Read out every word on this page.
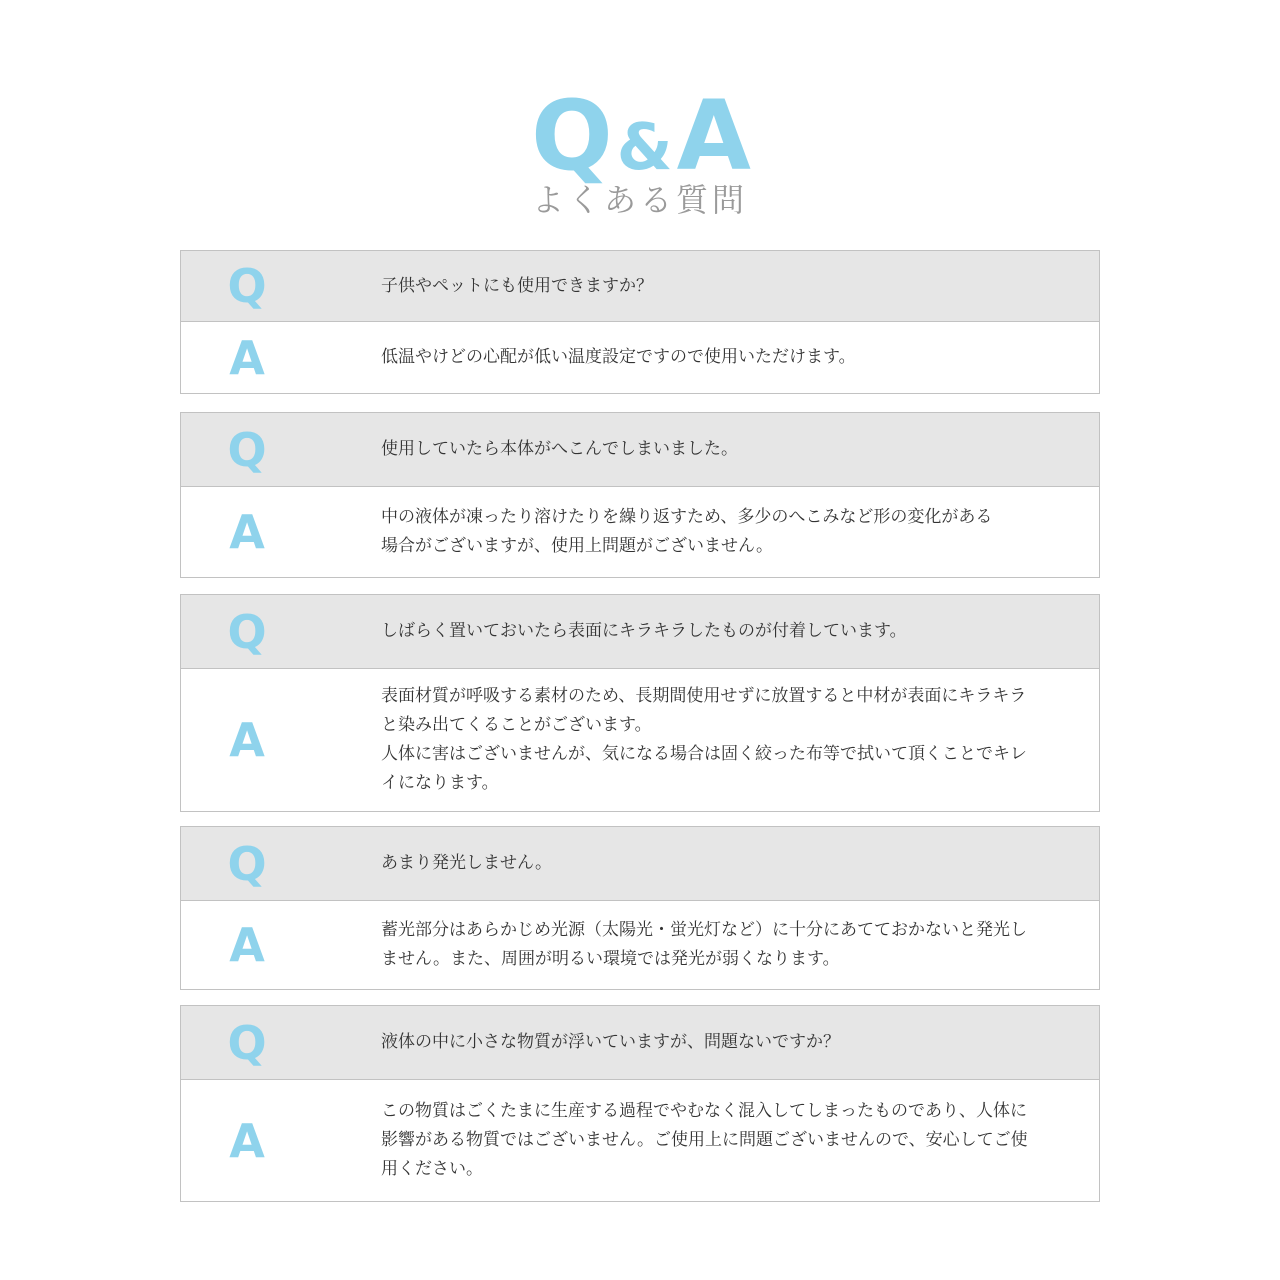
Q&A
よくある質問
Q	子供やペットにも使用できますか？
A	低温やけどの心配が低い温度設定ですので使用いただけます。
Q	使用していたら本体がへこんでしまいました。
A	中の液体が凍ったり溶けたりを繰り返すため、多少のへこみなど形の変化がある
場合がございますが、使用上問題がございません。
Q	しばらく置いておいたら表面にキラキラしたものが付着しています。
A
表面材質が呼吸する素材のため、長期間使用せずに放置すると中材が表面にキラキラ
と染み出てくることがございます。
人体に害はございませんが、気になる場合は固く絞った布等で拭いて頂くことでキレ
イになります。
Q	あまり発光しません。
A	蓄光部分はあらかじめ光源（太陽光・蛍光灯など）に十分にあてておかないと発光し
ません。また、周囲が明るい環境では発光が弱くなります。
Q	液体の中に小さな物質が浮いていますが、問題ないですか？
A
この物質はごくたまに生産する過程でやむなく混入してしまったものであり、人体に
影響がある物質ではございません。ご使用上に問題ございませんので、安心してご使
用ください。
